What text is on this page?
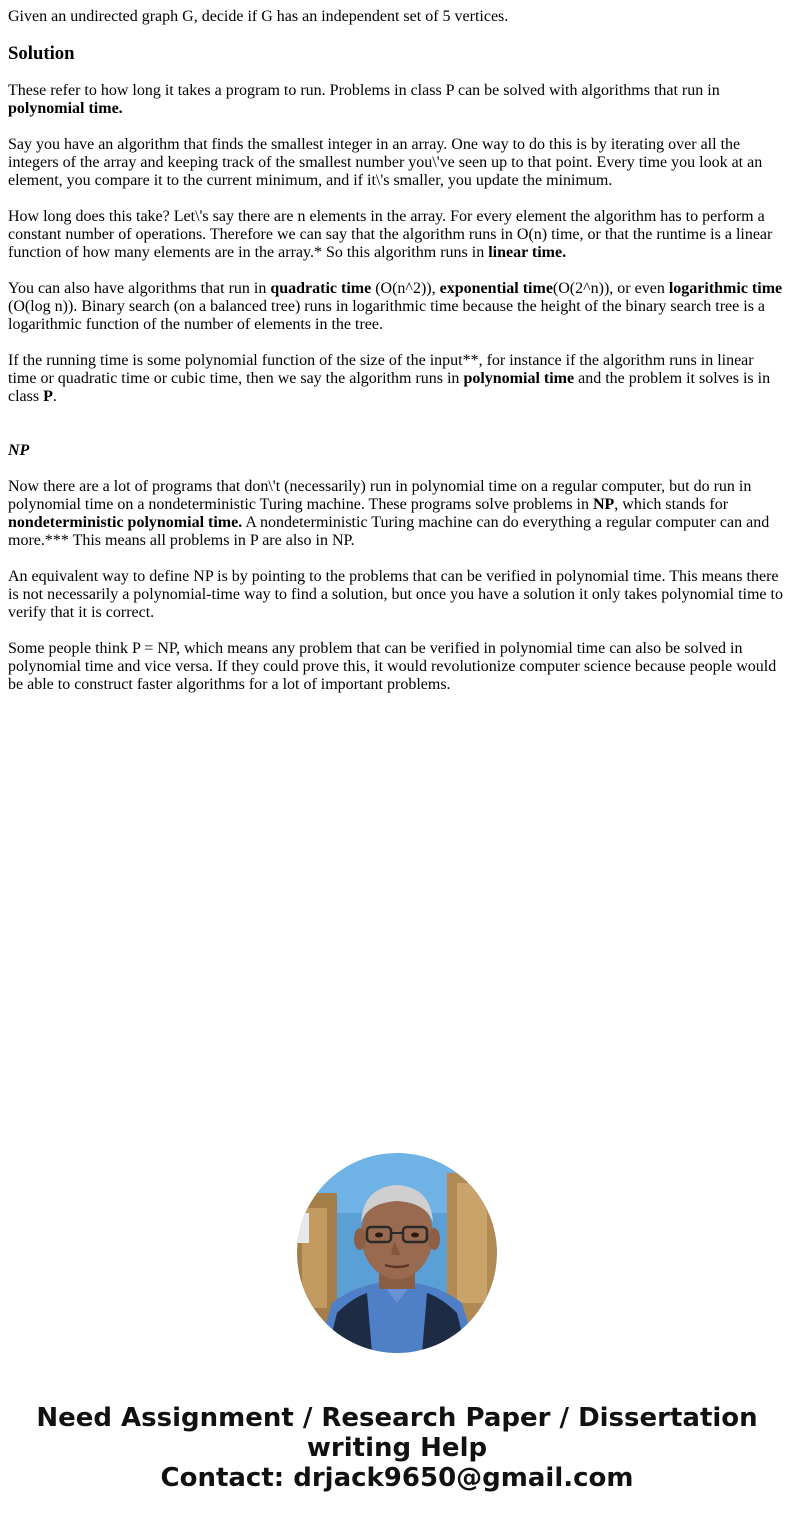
Given an undirected graph G, decide if G has an independent set of 5 vertices.

Solution

These refer to how long it takes a program to run. Problems in class P can be solved with algorithms that run in polynomial time.

Say you have an algorithm that finds the smallest integer in an array. One way to do this is by iterating over all the integers of the array and keeping track of the smallest number you\'ve seen up to that point. Every time you look at an element, you compare it to the current minimum, and if it\'s smaller, you update the minimum.

How long does this take? Let\'s say there are n elements in the array. For every element the algorithm has to perform a constant number of operations. Therefore we can say that the algorithm runs in O(n) time, or that the runtime is a linear function of how many elements are in the array.* So this algorithm runs in linear time.

You can also have algorithms that run in quadratic time (O(n^2)), exponential time(O(2^n)), or even logarithmic time (O(log n)). Binary search (on a balanced tree) runs in logarithmic time because the height of the binary search tree is a logarithmic function of the number of elements in the tree.

If the running time is some polynomial function of the size of the input**, for instance if the algorithm runs in linear time or quadratic time or cubic time, then we say the algorithm runs in polynomial time and the problem it solves is in class P.

NP

Now there are a lot of programs that don\'t (necessarily) run in polynomial time on a regular computer, but do run in polynomial time on a nondeterministic Turing machine. These programs solve problems in NP, which stands for nondeterministic polynomial time. A nondeterministic Turing machine can do everything a regular computer can and more.*** This means all problems in P are also in NP.

An equivalent way to define NP is by pointing to the problems that can be verified in polynomial time. This means there is not necessarily a polynomial-time way to find a solution, but once you have a solution it only takes polynomial time to verify that it is correct.

Some people think P = NP, which means any problem that can be verified in polynomial time can also be solved in polynomial time and vice versa. If they could prove this, it would revolutionize computer science because people would be able to construct faster algorithms for a lot of important problems.

Need Assignment / Research Paper / Dissertation
writing Help
Contact: drjack9650@gmail.com
